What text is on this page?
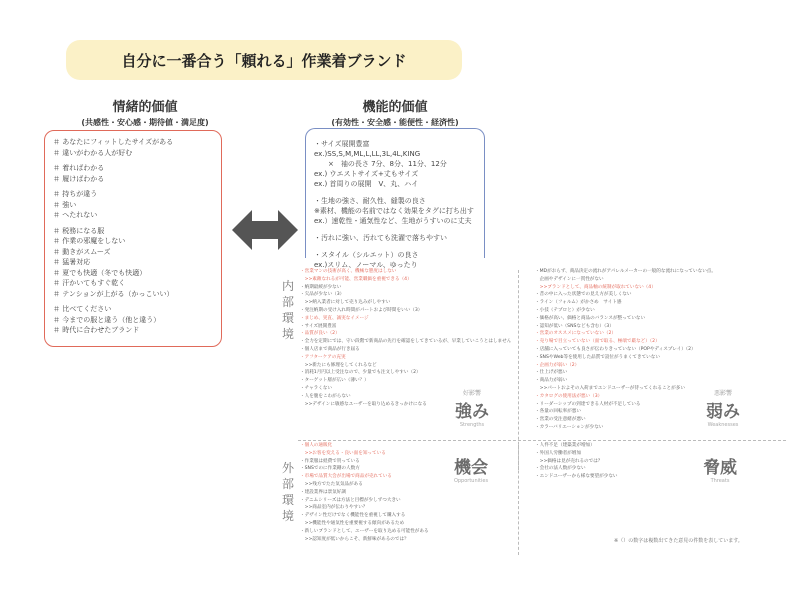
自分に一番合う「頼れる」作業着ブランド
情緒的価値
(共感性・安心感・期待値・満足度)
機能的価値
(有効性・安全感・能便性・経済性)
＃ あなたにフィットしたサイズがある
＃ 違いがわかる人が好む
＃ 着ればわかる
＃ 履けばわかる
＃ 持ちが違う
＃ 強い
＃ へたれない
＃ 税務になる服
＃ 作業の邪魔をしない
＃ 動きがスムーズ
＃ 猛暑対応
＃ 夏でも快適（冬でも快適）
＃ 汗かいてもすぐ乾く
＃ テンションが上がる（かっこいい）
＃ 比べてください
＃ 今までの服と違う（他と違う）
＃ 時代に合わせたブランド
・サイズ展開豊富
ex.)SS,S,M,ML,L,LL,3L,4L,KING
　　×　袖の長さ 7分、8分、11分、12分
ex.) ウエストサイズ+丈もサイズ
ex.) 首周りの展開　V、丸、ハイ
・生地の強さ、耐久性、縫製の良さ
※素材、機能の名前ではなく効果をタグに打ち出す
ex.）速乾性・通気性など、生地がうすいのに丈夫
・汚れに強い、汚れても洗濯で落ちやすい
・スタイル（シルエット）の良さ
ex.)スリム、ノーマル、ゆったり
内部環境
外部環境
・営業マンの技術が高く、機械な態度はしない
　>>素敵なれるが可能、営業職価を重視できる（4）
・納期最緩が少ない
・欠品が少ない（3）
　>>納入業者に対して売り込みがしやすい
・発注納期の受け入れ時間がパートおよび時間をいい（3）
・まじめ、実直、誠実なイメージ
・サイズ展開豊富
・品質が良い（2）
・全力を定期にでは、守い段階で新商品の先行を確認をしてきているが、早業していこうとはしません
・個人店まで商品が行き届る
・アフターケアの充実
　>>新たにも修理をしてくれるなど
・消耗1月円以上受注なので、少量でも注文しやすい（2）
・ターゲット層が広い（薄い？）
・チャラくない
・人を腹をこわがらない
　>>デザインに敏感なユーザーを取り込めるきっかけになる
・MDがおらず、商品決定の流れがアパレルメーカーの一般的な流れになっていない点。
　企画やデザインに一貫性がない
　>>ブランドとして、商品軸の統制が取れていない（4）
・昔の中に入った状態での見え方が美しくない
・ライン（フォルム）がかさめ　サイト感
・小技（テプロと）が少ない
・価格が高い、価格と商品のバランスが整っていない
・認知が低い（SNSなども含む）（3）
・営業のオススメになっていない（2）
・売り場で目立っていない（面で取る、極端で厳など）（2）
・店舗に入っていても良さが伝わりきっていない（POPやディスプレイ）（2）
・SNSやWeb等を使用した品質で設位がうまくてきていない
・企画力が弱い（2）
・仕上げが悪い
・商品力が弱い
　>>パートおよその入荷までエンドユーザーが待ってくれることが多い
・カタログの使用法が悪い（3）
・リーダーシップの到達できる人材が不足している
・各量の回転率が悪い
・営業の受注意緒が悪い
・カラーバリエーションが少ない
・個人の通販化
　>>お客を変える・良い面を知っている
・作業服は経費で買っている
・SNSでのに作業剛の人数方
・市場で品質大会が出場で商品が売れている
　>>残方でたた気気品がある
・建設業界は景気好調
・デニムシリーズは方法と目標が少しずつ大きい
　>>商品室内が伝わりやすい？
・デザイン性だけでなく機能性を重視して購入する
　>>機能性や通気性を重要視する傾向があるため
・新しいブランドとして、ユーザーを取り込める可能性がある
　>>認知度が低いからこそ、新鮮味があるのでは？
・人件不足（建築業が増加）
・外国人労働者が増加
　>>価格は見が売れるのでは？
・会社の法人数が少ない
・エンドユーザーから様な要望が少ない
好影響
強み
Strengths
悪影響
弱み
Weaknesses
機会
Opportunities
脅威
Threats
※（）の数字は複数出てきた意見の件数を表しています。
